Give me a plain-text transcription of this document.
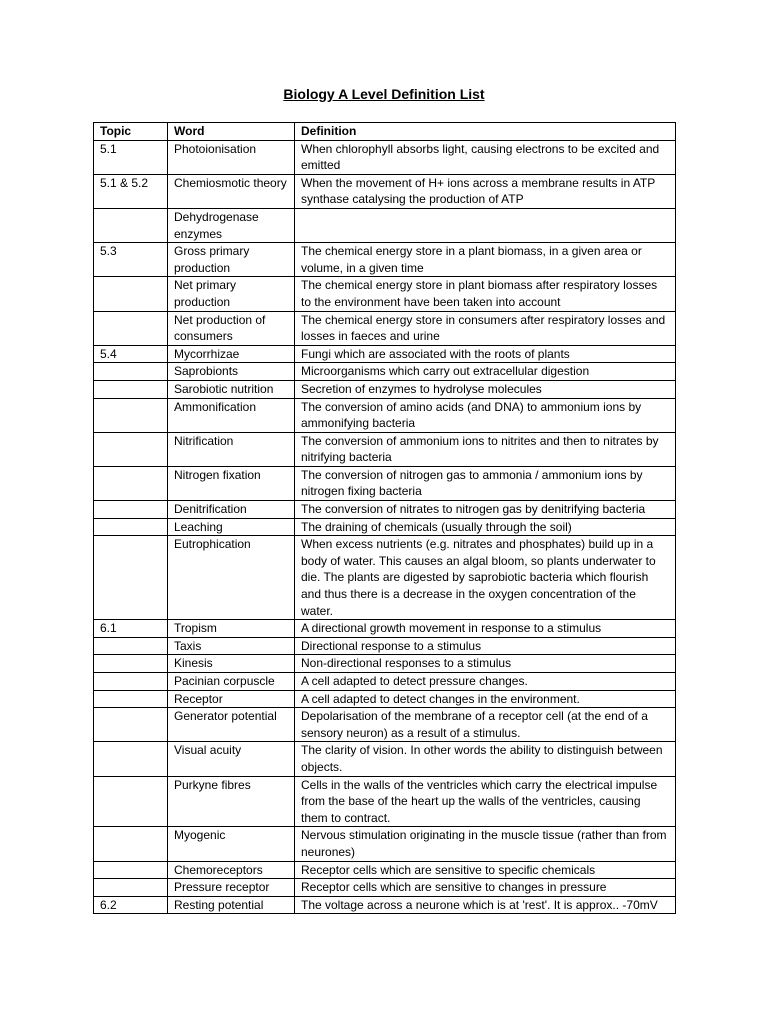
Biology A Level Definition List
Topic	Word	Definition
5.1	Photoionisation	When chlorophyll absorbs light, causing electrons to be excited and emitted
5.1 & 5.2	Chemiosmotic theory	When the movement of H+ ions across a membrane results in ATP synthase catalysing the production of ATP
	Dehydrogenase enzymes	
5.3	Gross primary production	The chemical energy store in a plant biomass, in a given area or volume, in a given time
	Net primary production	The chemical energy store in plant biomass after respiratory losses to the environment have been taken into account
	Net production of consumers	The chemical energy store in consumers after respiratory losses and losses in faeces and urine
5.4	Mycorrhizae	Fungi which are associated with the roots of plants
	Saprobionts	Microorganisms which carry out extracellular digestion
	Sarobiotic nutrition	Secretion of enzymes to hydrolyse molecules
	Ammonification	The conversion of amino acids (and DNA) to ammonium ions by ammonifying bacteria
	Nitrification	The conversion of ammonium ions to nitrites and then to nitrates by nitrifying bacteria
	Nitrogen fixation	The conversion of nitrogen gas to ammonia / ammonium ions by nitrogen fixing bacteria
	Denitrification	The conversion of nitrates to nitrogen gas by denitrifying bacteria
	Leaching	The draining of chemicals (usually through the soil)
	Eutrophication	When excess nutrients (e.g. nitrates and phosphates) build up in a body of water. This causes an algal bloom, so plants underwater to die. The plants are digested by saprobiotic bacteria which flourish and thus there is a decrease in the oxygen concentration of the water.
6.1	Tropism	A directional growth movement in response to a stimulus
	Taxis	Directional response to a stimulus
	Kinesis	Non-directional responses to a stimulus
	Pacinian corpuscle	A cell adapted to detect pressure changes.
	Receptor	A cell adapted to detect changes in the environment.
	Generator potential	Depolarisation of the membrane of a receptor cell (at the end of a sensory neuron) as a result of a stimulus.
	Visual acuity	The clarity of vision. In other words the ability to distinguish between objects.
	Purkyne fibres	Cells in the walls of the ventricles which carry the electrical impulse from the base of the heart up the walls of the ventricles, causing them to contract.
	Myogenic	Nervous stimulation originating in the muscle tissue (rather than from neurones)
	Chemoreceptors	Receptor cells which are sensitive to specific chemicals
	Pressure receptor	Receptor cells which are sensitive to changes in pressure
6.2	Resting potential	The voltage across a neurone which is at 'rest'. It is approx.. -70mV
